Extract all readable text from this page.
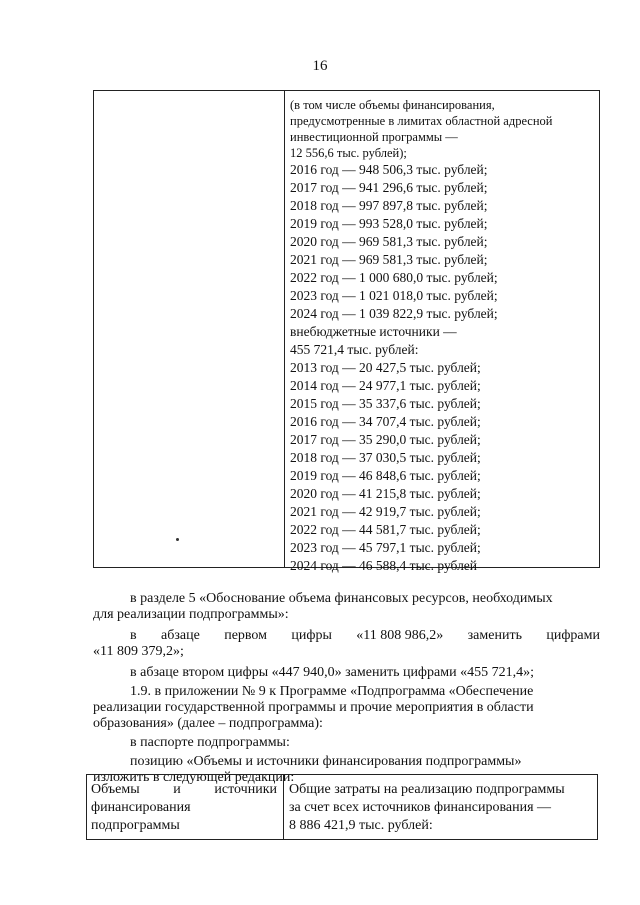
16
(в том числе объемы финансирования,
предусмотренные в лимитах областной адресной
инвестиционной программы —
12 556,6 тыс. рублей);
2016 год — 948 506,3 тыс. рублей;
2017 год — 941 296,6 тыс. рублей;
2018 год — 997 897,8 тыс. рублей;
2019 год — 993 528,0 тыс. рублей;
2020 год — 969 581,3 тыс. рублей;
2021 год — 969 581,3 тыс. рублей;
2022 год — 1 000 680,0 тыс. рублей;
2023 год — 1 021 018,0 тыс. рублей;
2024 год — 1 039 822,9 тыс. рублей;
внебюджетные источники —
455 721,4 тыс. рублей:
2013 год — 20 427,5 тыс. рублей;
2014 год — 24 977,1 тыс. рублей;
2015 год — 35 337,6 тыс. рублей;
2016 год — 34 707,4 тыс. рублей;
2017 год — 35 290,0 тыс. рублей;
2018 год — 37 030,5 тыс. рублей;
2019 год — 46 848,6 тыс. рублей;
2020 год — 41 215,8 тыс. рублей;
2021 год — 42 919,7 тыс. рублей;
2022 год — 44 581,7 тыс. рублей;
2023 год — 45 797,1 тыс. рублей;
2024 год — 46 588,4 тыс. рублей
в разделе 5 «Обоснование объема финансовых ресурсов, необходимых
для реализации подпрограммы»:
в абзаце первом цифры «11 808 986,2» заменить цифрами
«11 809 379,2»;
в абзаце втором цифры «447 940,0» заменить цифрами «455 721,4»;
1.9. в приложении № 9 к Программе «Подпрограмма «Обеспечение
реализации государственной программы и прочие мероприятия в области
образования» (далее – подпрограмма):
в паспорте подпрограммы:
позицию «Объемы и источники финансирования подпрограммы»
изложить в следующей редакции:
Объемы и источники
финансирования
подпрограммы
Общие затраты на реализацию подпрограммы
за счет всех источников финансирования —
8 886 421,9 тыс. рублей:
